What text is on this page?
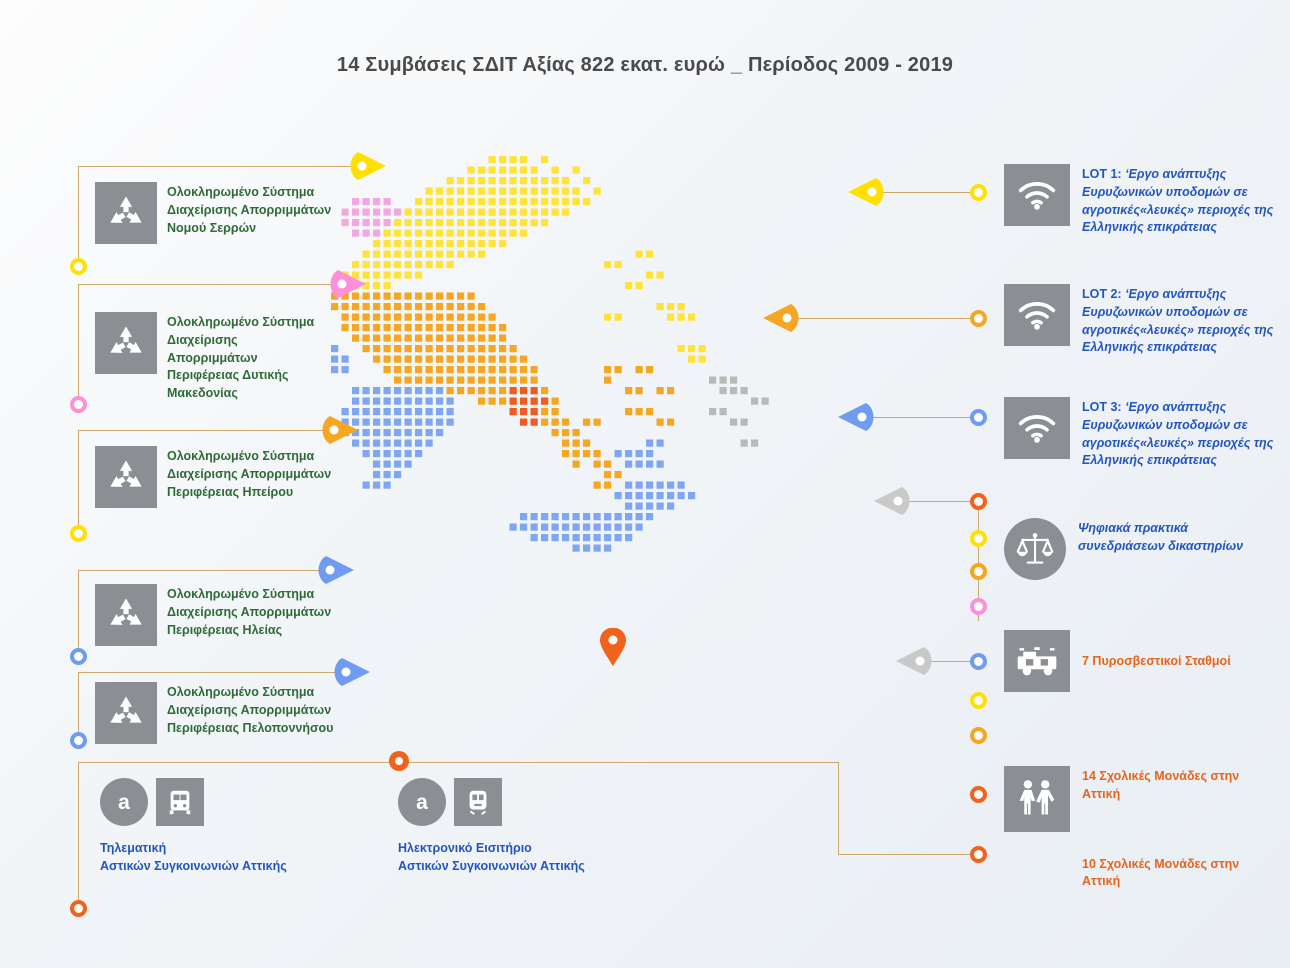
14 Συμβάσεις ΣΔΙΤ Αξίας 822 εκατ. ευρώ _ Περίοδος 2009 - 2019
Ολοκληρωμένο Σύστημα
Διαχείρισης Απορριμμάτων
Νομού Σερρών
Ολοκληρωμένο Σύστημα
Διαχείρισης
Απορριμμάτων
Περιφέρειας Δυτικής
Μακεδονίας
Ολοκληρωμένο Σύστημα
Διαχείρισης Απορριμμάτων
Περιφέρειας Ηπείρου
Ολοκληρωμένο Σύστημα
Διαχείρισης Απορριμμάτων
Περιφέρειας Ηλείας
Ολοκληρωμένο Σύστημα
Διαχείρισης Απορριμμάτων
Περιφέρειας Πελοποννήσου
LOT 1: ‘Εργο ανάπτυξης Ευρυζωνικών υποδομών σε αγροτικές«λευκές» περιοχές της Ελληνικής επικράτειας
LOT 2: ‘Εργο ανάπτυξης Ευρυζωνικών υποδομών σε αγροτικές«λευκές» περιοχές της Ελληνικής επικράτειας
LOT 3: ‘Εργο ανάπτυξης Ευρυζωνικών υποδομών σε αγροτικές«λευκές» περιοχές της Ελληνικής επικράτειας
Ψηφιακά πρακτικά συνεδριάσεων δικαστηρίων
7 Πυροσβεστικοί Σταθμοί
14 Σχολικές Μονάδες στην Αττική
10 Σχολικές Μονάδες στην Αττική
a
Τηλεματική
Αστικών Συγκοινωνιών Αττικής
a
Ηλεκτρονικό Εισιτήριο
Αστικών Συγκοινωνιών Αττικής
